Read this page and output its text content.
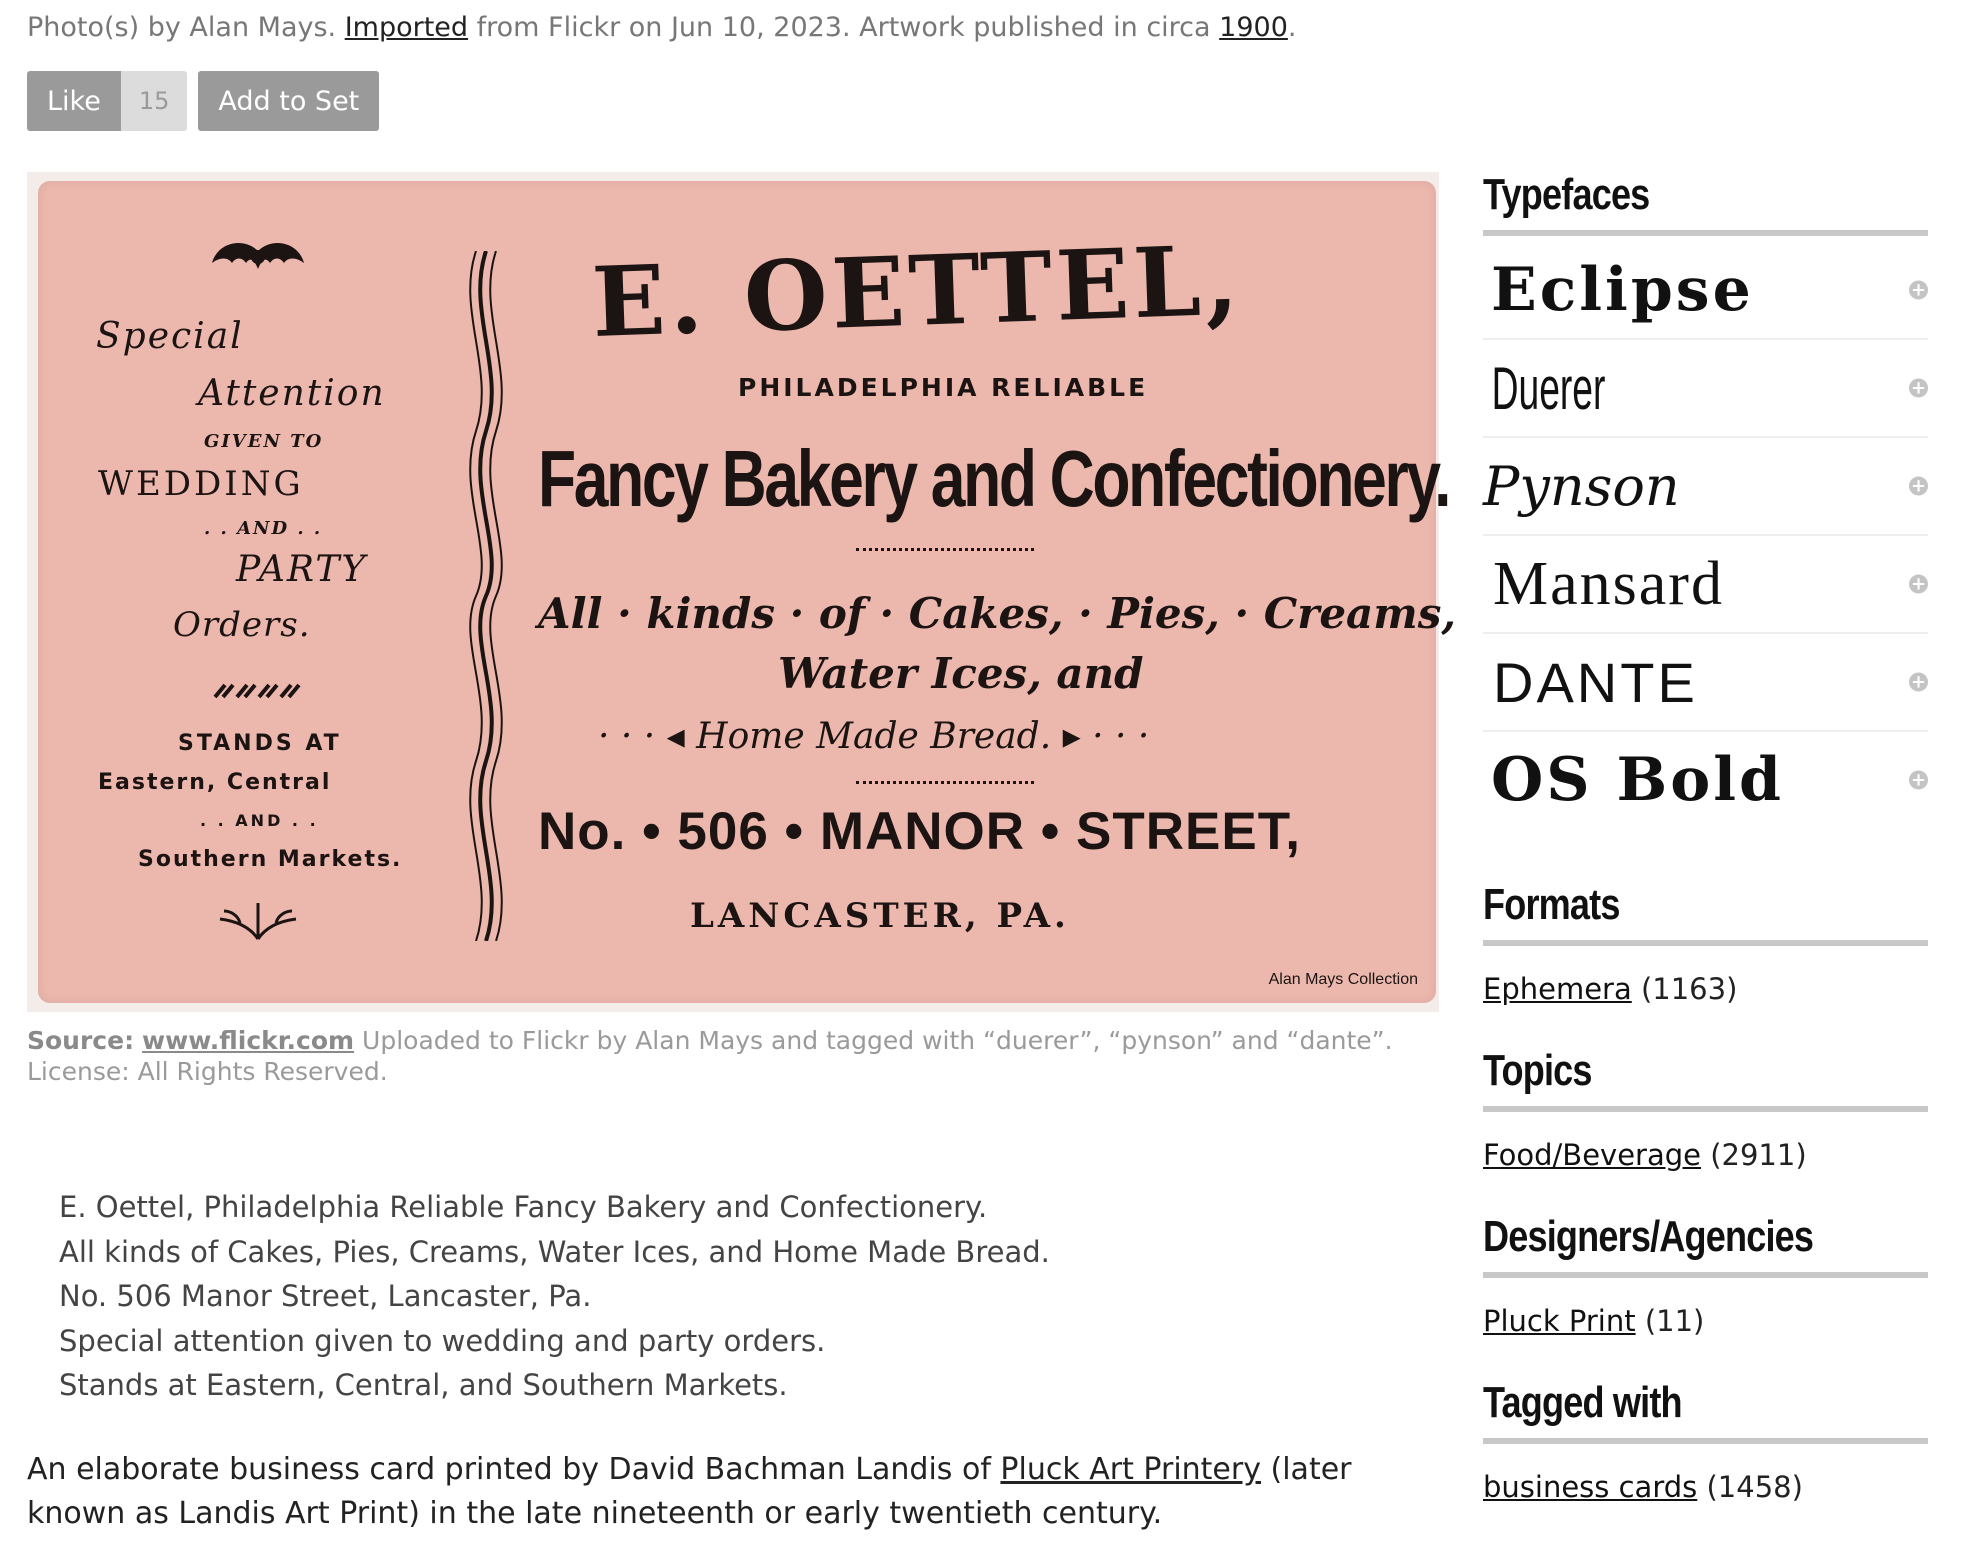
Photo(s) by Alan Mays. Imported from Flickr on Jun 10, 2023. Artwork published in circa 1900.
Like	15	Add to Set
Special
Attention
GIVEN TO
WEDDING
. . AND . .
PARTY
Orders.
STANDS AT
Eastern, Central
. . AND . .
Southern Markets.
E. OETTEL,
PHILADELPHIA RELIABLE
Fancy Bakery and Confectionery.
All · kinds · of · Cakes, · Pies, · Creams,
Water Ices, and
· · · ◂ Home Made Bread. ▸ · · ·
No. • 506 • MANOR • STREET,
LANCASTER, PA.
Alan Mays Collection
Source: www.flickr.com Uploaded to Flickr by Alan Mays and tagged with “duerer”, “pynson” and “dante”.
License: All Rights Reserved.
E. Oettel, Philadelphia Reliable Fancy Bakery and Confectionery.
All kinds of Cakes, Pies, Creams, Water Ices, and Home Made Bread.
No. 506 Manor Street, Lancaster, Pa.
Special attention given to wedding and party orders.
Stands at Eastern, Central, and Southern Markets.
An elaborate business card printed by David Bachman Landis of Pluck Art Printery (later known as Landis Art Print) in the late nineteenth or early twentieth century.
Typefaces
Eclipse	+
Duerer	+
Pynson	+
Mansard	+
DANTE	+
OS Bold	+
Formats
Ephemera (1163)
Topics
Food/Beverage (2911)
Designers/Agencies
Pluck Print (11)
Tagged with
business cards (1458)
